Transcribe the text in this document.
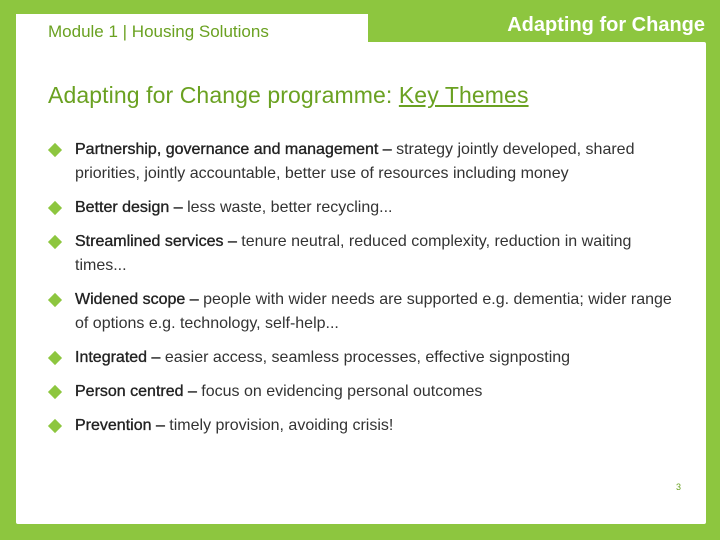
Module 1 | Housing Solutions	Adapting for Change
Adapting for Change programme: Key Themes
Partnership, governance and management – strategy jointly developed, shared priorities, jointly accountable, better use of resources including money
Better design – less waste, better recycling...
Streamlined services – tenure neutral, reduced complexity, reduction in waiting times...
Widened scope – people with wider needs are supported e.g. dementia; wider range of options e.g. technology, self-help...
Integrated – easier access, seamless processes, effective signposting
Person centred – focus on evidencing personal outcomes
Prevention – timely provision, avoiding crisis!
3
